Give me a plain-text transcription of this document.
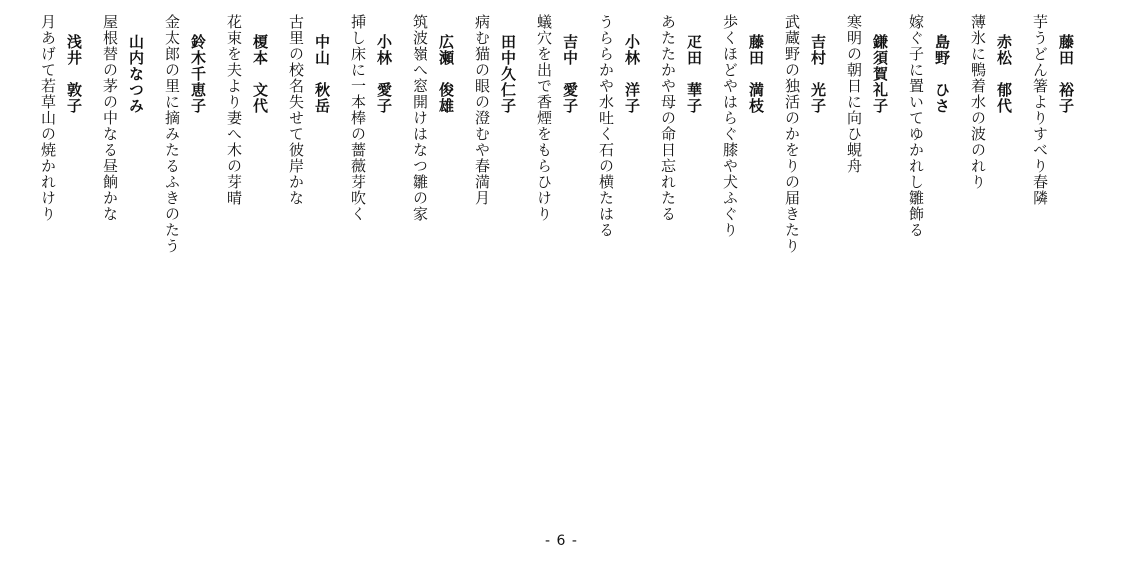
芋うどん箸よりすべり春隣 藤田　裕子
薄氷に鴨着水の波のれり 赤松　郁代
嫁ぐ子に置いてゆかれし雛飾る 島野　ひさ
寒明の朝日に向ひ蜆舟 鎌須賀礼子
武蔵野の独活のかをりの届きたり 吉村　光子
歩くほどやはらぐ膝や犬ふぐり 藤田　満枝
あたたかや母の命日忘れたる 疋田　華子
うららかや水吐く石の横たはる 小林　洋子
蟻穴を出で香煙をもらひけり 吉中　愛子
病む猫の眼の澄むや春満月 田中久仁子
筑波嶺へ窓開けはなつ雛の家 広瀬　俊雄
挿し床に一本棒の薔薇芽吹く 小林　愛子
古里の校名失せて彼岸かな 中山　秋岳
花束を夫より妻へ木の芽晴 榎本　文代
金太郎の里に摘みたるふきのたう 鈴木千恵子
屋根替の茅の中なる昼餉かな 山内なつみ
月あげて若草山の焼かれけり 浅井　敦子
- 6 -
